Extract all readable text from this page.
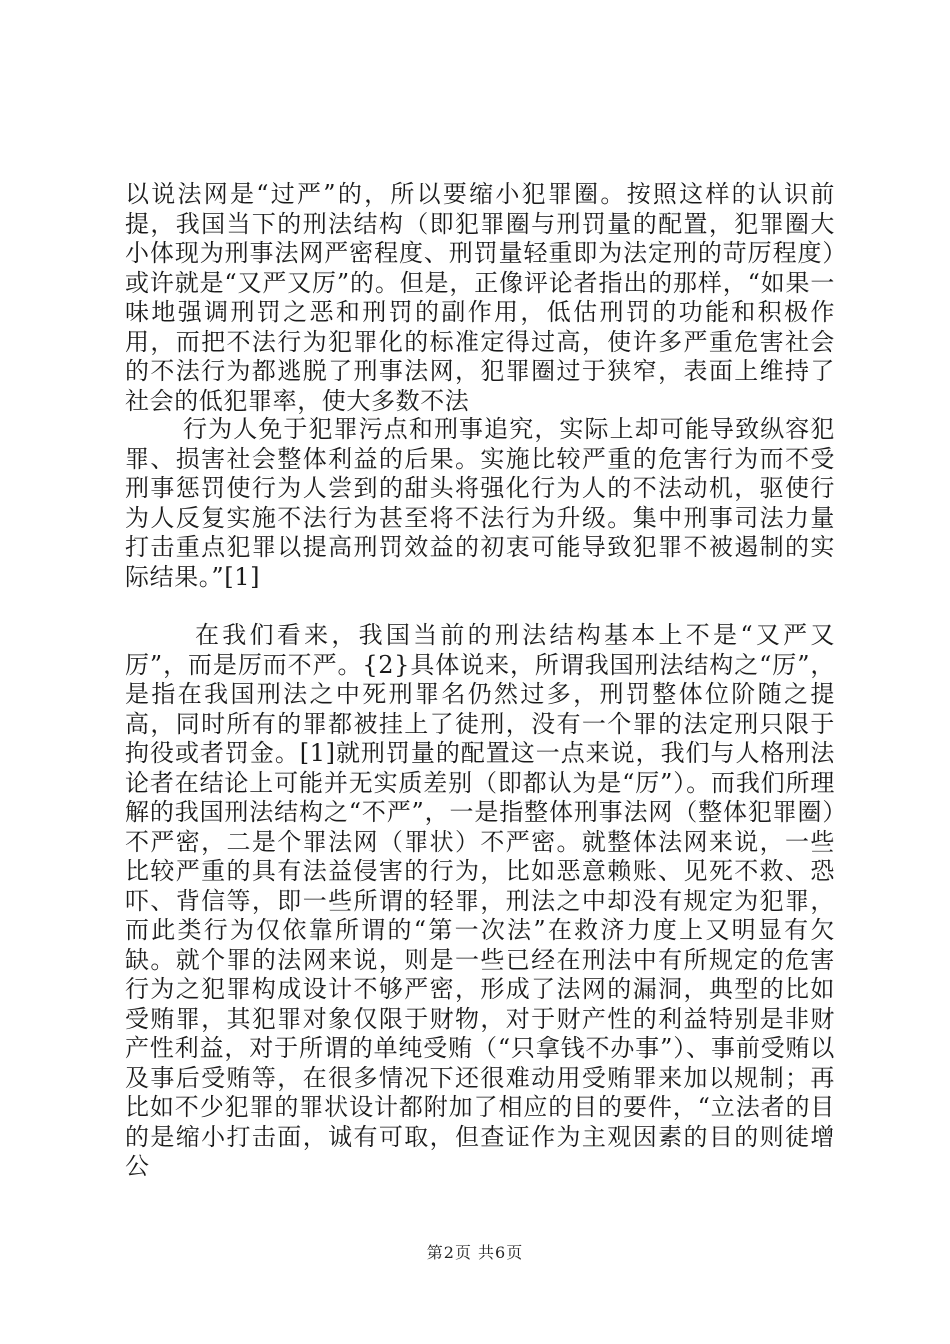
以说法网是“过严”的，所以要缩小犯罪圈。按照这样的认识前提，我国当下的刑法结构（即犯罪圈与刑罚量的配置，犯罪圈大小体现为刑事法网严密程度、刑罚量轻重即为法定刑的苛厉程度）或许就是“又严又厉”的。但是，正像评论者指出的那样，“如果一味地强调刑罚之恶和刑罚的副作用，低估刑罚的功能和积极作用，而把不法行为犯罪化的标准定得过高，使许多严重危害社会的不法行为都逃脱了刑事法网，犯罪圈过于狭窄，表面上维持了社会的低犯罪率，使大多数不法

行为人免于犯罪污点和刑事追究，实际上却可能导致纵容犯罪、损害社会整体利益的后果。实施比较严重的危害行为而不受刑事惩罚使行为人尝到的甜头将强化行为人的不法动机，驱使行为人反复实施不法行为甚至将不法行为升级。集中刑事司法力量打击重点犯罪以提高刑罚效益的初衷可能导致犯罪不被遏制的实际结果。”[1]

在我们看来，我国当前的刑法结构基本上不是“又严又厉”，而是厉而不严。{2}具体说来，所谓我国刑法结构之“厉”，是指在我国刑法之中死刑罪名仍然过多，刑罚整体位阶随之提高，同时所有的罪都被挂上了徒刑，没有一个罪的法定刑只限于拘役或者罚金。[1]就刑罚量的配置这一点来说，我们与人格刑法论者在结论上可能并无实质差别（即都认为是“厉”）。而我们所理解的我国刑法结构之“不严”，一是指整体刑事法网（整体犯罪圈）不严密，二是个罪法网（罪状）不严密。就整体法网来说，一些比较严重的具有法益侵害的行为，比如恶意赖账、见死不救、恐吓、背信等，即一些所谓的轻罪，刑法之中却没有规定为犯罪，而此类行为仅依靠所谓的“第一次法”在救济力度上又明显有欠缺。就个罪的法网来说，则是一些已经在刑法中有所规定的危害行为之犯罪构成设计不够严密，形成了法网的漏洞，典型的比如受贿罪，其犯罪对象仅限于财物，对于财产性的利益特别是非财产性利益，对于所谓的单纯受贿（“只拿钱不办事”）、事前受贿以及事后受贿等，在很多情况下还很难动用受贿罪来加以规制；再比如不少犯罪的罪状设计都附加了相应的目的要件，“立法者的目的是缩小打击面，诚有可取，但查证作为主观因素的目的则徒增公

第2页 共6页
